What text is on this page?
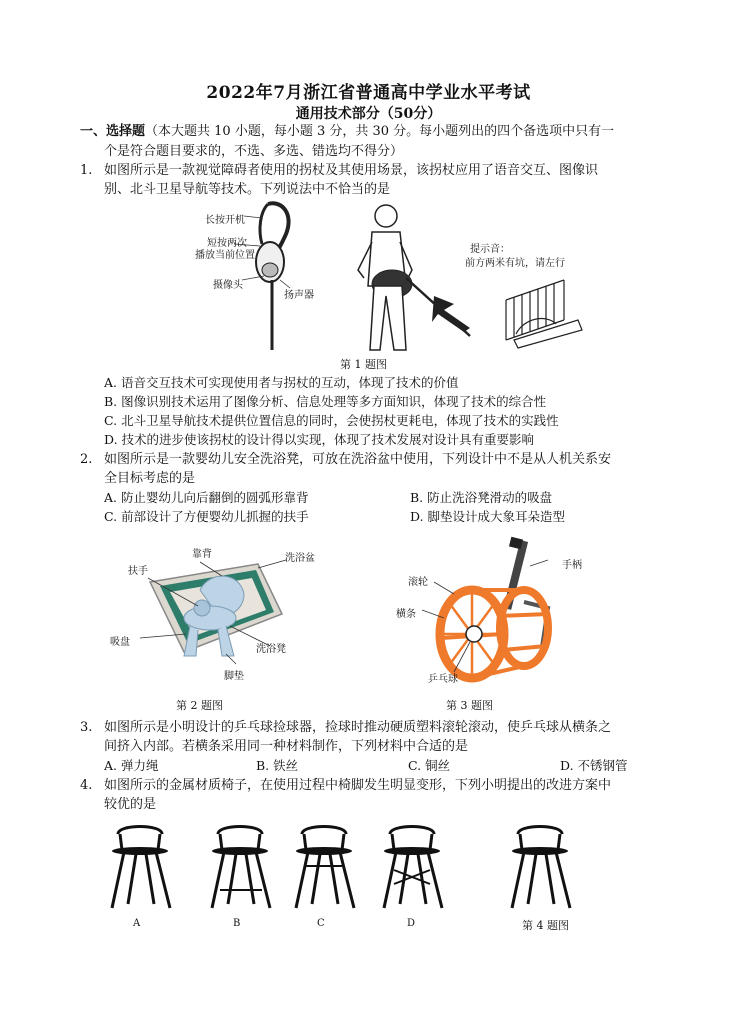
2022年7月浙江省普通高中学业水平考试
通用技术部分（50分）
一、选择题（本大题共 10 小题，每小题 3 分，共 30 分。每小题列出的四个备选项中只有一
个是符合题目要求的，不选、多选、错选均不得分）
1. 如图所示是一款视觉障碍者使用的拐杖及其使用场景，该拐杖应用了语音交互、图像识
别、北斗卫星导航等技术。下列说法中不恰当的是
长按开机
短按两次
播放当前位置
摄像头
扬声器
提示音：
前方两米有坑，请左行
第 1 题图
A. 语音交互技术可实现使用者与拐杖的互动，体现了技术的价值
B. 图像识别技术运用了图像分析、信息处理等多方面知识，体现了技术的综合性
C. 北斗卫星导航技术提供位置信息的同时，会使拐杖更耗电，体现了技术的实践性
D. 技术的进步使该拐杖的设计得以实现，体现了技术发展对设计具有重要影响
2. 如图所示是一款婴幼儿安全洗浴凳，可放在洗浴盆中使用，下列设计中不是从人机关系安
全目标考虑的是
A. 防止婴幼儿向后翻倒的圆弧形靠背	B. 防止洗浴凳滑动的吸盘
C. 前部设计了方便婴幼儿抓握的扶手	D. 脚垫设计成大象耳朵造型
靠背	洗浴盆
扶手
吸盘
洗浴凳
脚垫
第 2 题图
手柄
滚轮
横条
乒乓球
第 3 题图
3. 如图所示是小明设计的乒乓球捡球器，捡球时推动硬质塑料滚轮滚动，使乒乓球从横条之
间挤入内部。若横条采用同一种材料制作，下列材料中合适的是
A. 弹力绳	B. 铁丝	C. 铜丝	D. 不锈钢管
4. 如图所示的金属材质椅子，在使用过程中椅脚发生明显变形，下列小明提出的改进方案中
较优的是
A	B	C	D	第 4 题图
